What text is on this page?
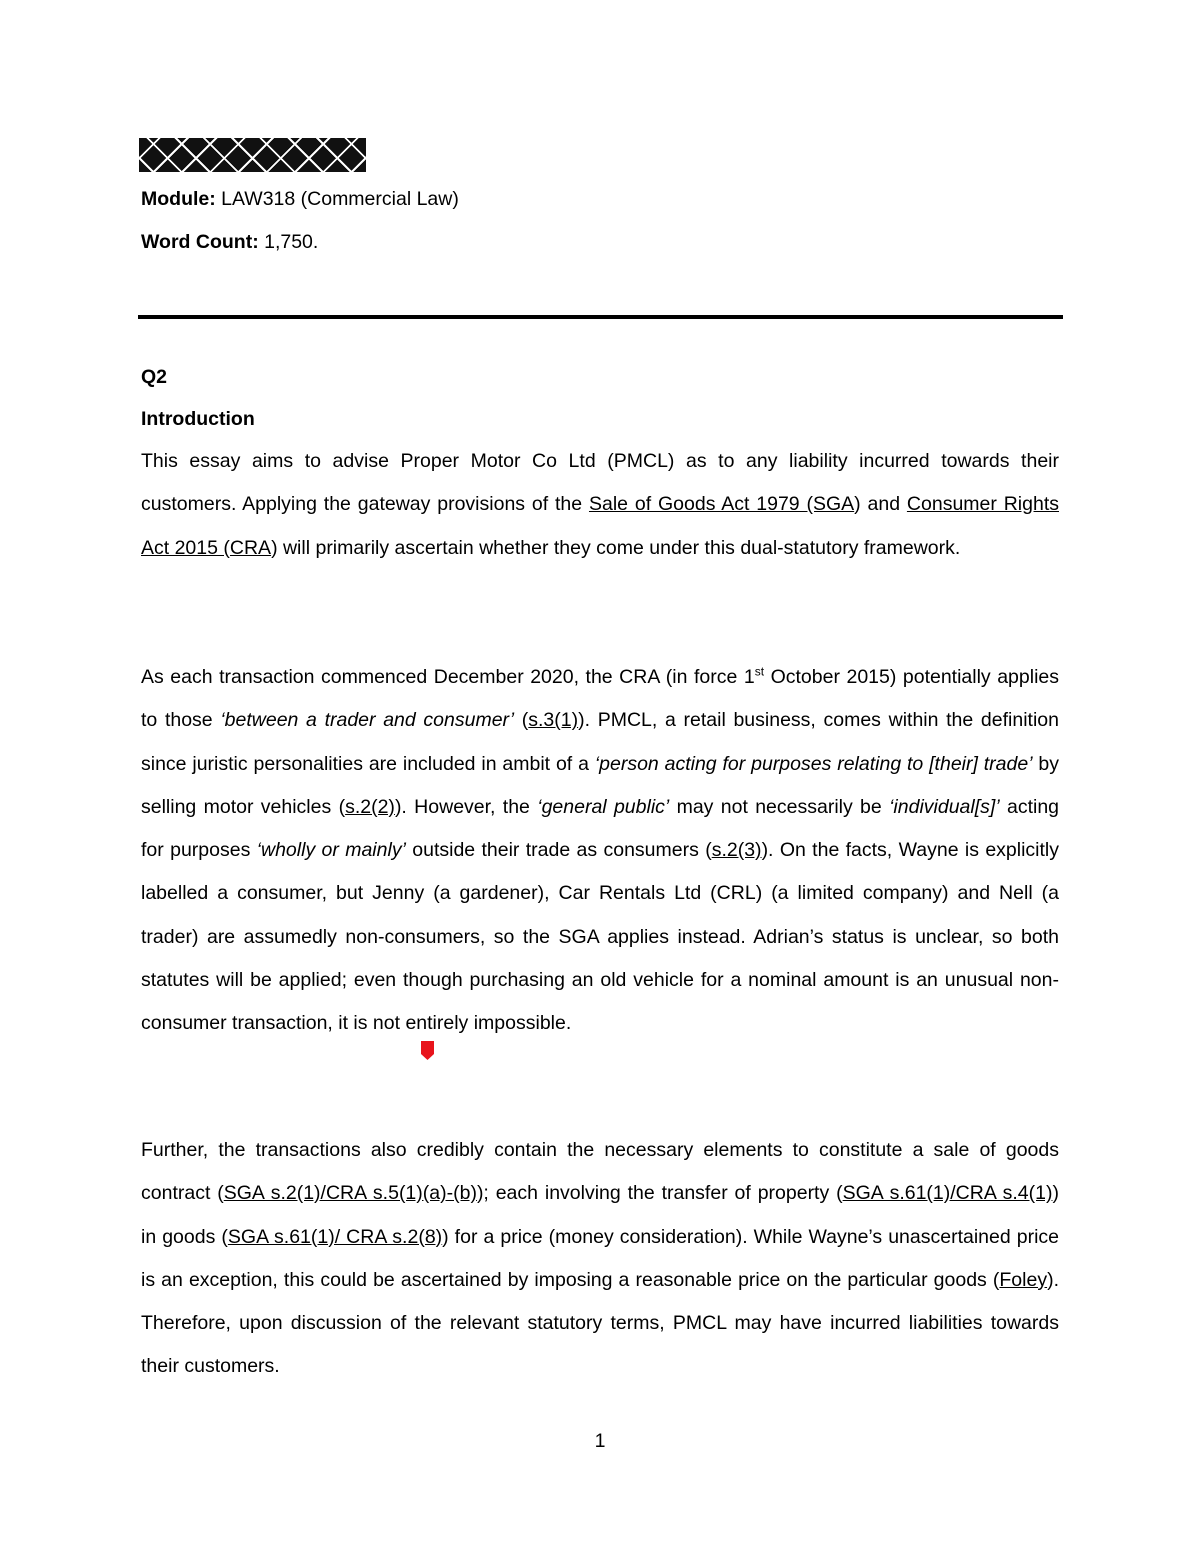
Module: LAW318 (Commercial Law)
Word Count: 1,750.
Q2
Introduction
This essay aims to advise Proper Motor Co Ltd (PMCL) as to any liability incurred towards their customers. Applying the gateway provisions of the Sale of Goods Act 1979 (SGA) and Consumer Rights Act 2015 (CRA) will primarily ascertain whether they come under this dual-statutory framework.
As each transaction commenced December 2020, the CRA (in force 1st October 2015) potentially applies to those ‘between a trader and consumer’ (s.3(1)). PMCL, a retail business, comes within the definition since juristic personalities are included in ambit of a ‘person acting for purposes relating to [their] trade’ by selling motor vehicles (s.2(2)). However, the ‘general public’ may not necessarily be ‘individual[s]’ acting for purposes ‘wholly or mainly’ outside their trade as consumers (s.2(3)). On the facts, Wayne is explicitly labelled a consumer, but Jenny (a gardener), Car Rentals Ltd (CRL) (a limited company) and Nell (a trader) are assumedly non-consumers, so the SGA applies instead. Adrian’s status is unclear, so both statutes will be applied; even though purchasing an old vehicle for a nominal amount is an unusual non-consumer transaction, it is not entirely impossible.
Further, the transactions also credibly contain the necessary elements to constitute a sale of goods contract (SGA s.2(1)/CRA s.5(1)(a)-(b)); each involving the transfer of property (SGA s.61(1)/CRA s.4(1)) in goods (SGA s.61(1)/ CRA s.2(8)) for a price (money consideration). While Wayne’s unascertained price is an exception, this could be ascertained by imposing a reasonable price on the particular goods (Foley). Therefore, upon discussion of the relevant statutory terms, PMCL may have incurred liabilities towards their customers.
1
